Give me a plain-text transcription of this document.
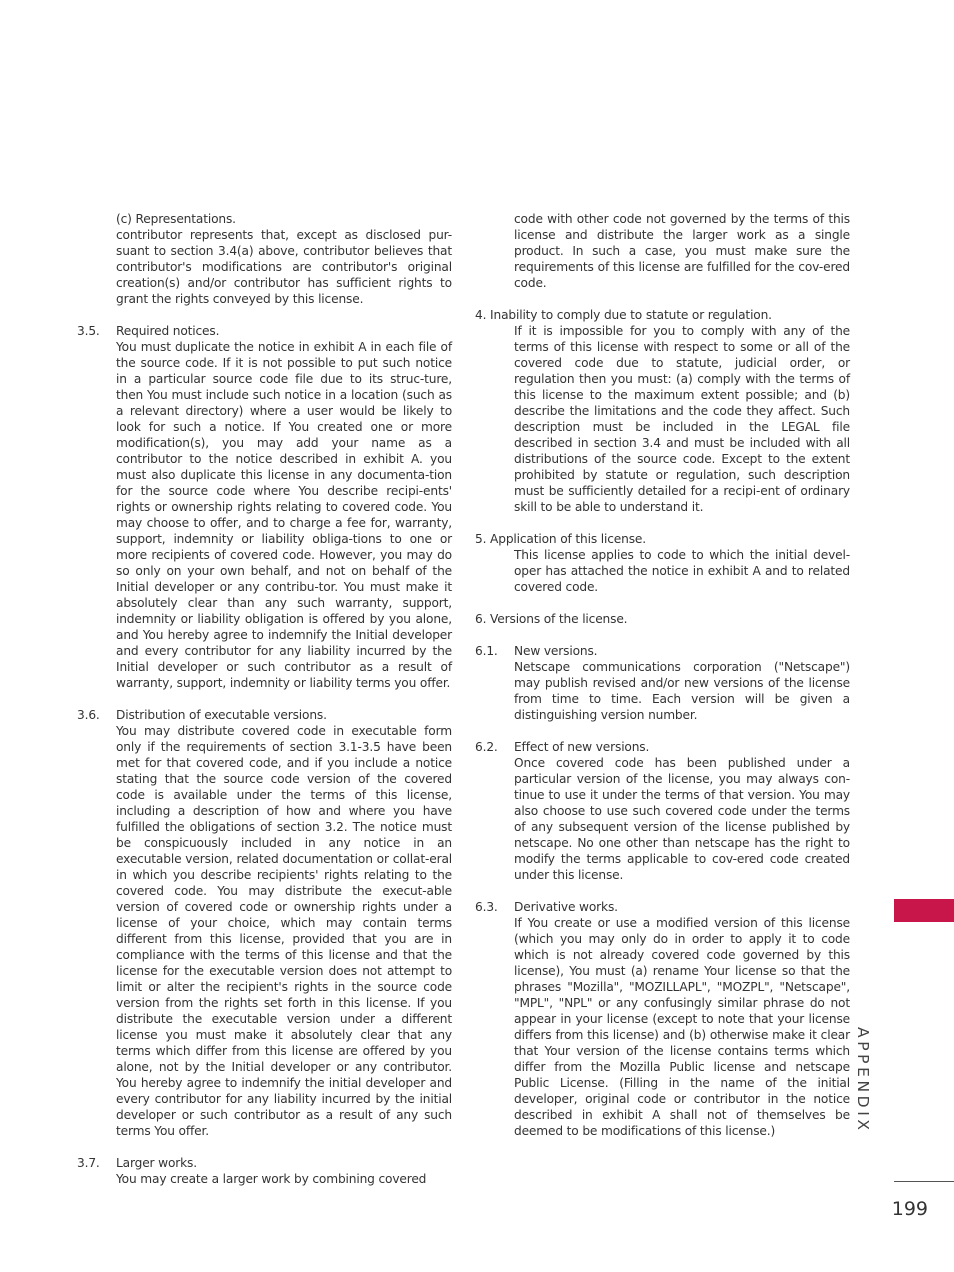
(c) Representations.
contributor represents that, except as disclosed pur-suant to section 3.4(a) above, contributor believes that contributor's modifications are contributor's original creation(s) and/or contributor has sufficient rights to grant the rights conveyed by this license.
3.5.	Required notices.
You must duplicate the notice in exhibit A in each file of the source code. If it is not possible to put such notice in a particular source code file due to its struc-ture, then You must include such notice in a location (such as a relevant directory) where a user would be likely to look for such a notice. If You created one or more modification(s), you may add your name as a contributor to the notice described in exhibit A. you must also duplicate this license in any documenta-tion for the source code where You describe recipi-ents' rights or ownership rights relating to covered code. You may choose to offer, and to charge a fee for, warranty, support, indemnity or liability obliga-tions to one or more recipients of covered code. However, you may do so only on your own behalf, and not on behalf of the Initial developer or any contribu-tor. You must make it absolutely clear than any such warranty, support, indemnity or liability obligation is offered by you alone, and You hereby agree to indemnify the Initial developer and every contributor for any liability incurred by the Initial developer or such contributor as a result of warranty, support, indemnity or liability terms you offer.
3.6.	Distribution of executable versions.
You may distribute covered code in executable form only if the requirements of section 3.1-3.5 have been met for that covered code, and if you include a notice stating that the source code version of the covered code is available under the terms of this license, including a description of how and where you have fulfilled the obligations of section 3.2. The notice must be conspicuously included in any notice in an executable version, related documentation or collat-eral in which you describe recipients' rights relating to the covered code. You may distribute the execut-able version of covered code or ownership rights under a license of your choice, which may contain terms different from this license, provided that you are in compliance with the terms of this license and that the license for the executable version does not attempt to limit or alter the recipient's rights in the source code version from the rights set forth in this license. If you distribute the executable version under a different license you must make it absolutely clear that any terms which differ from this license are offered by you alone, not by the Initial developer or any contributor. You hereby agree to indemnify the initial developer and every contributor for any liability incurred by the initial developer or such contributor as a result of any such terms You offer.
3.7.	Larger works.
You may create a larger work by combining covered
code with other code not governed by the terms of this license and distribute the larger work as a single product. In such a case, you must make sure the requirements of this license are fulfilled for the cov-ered code.
4. Inability to comply due to statute or regulation.
If it is impossible for you to comply with any of the terms of this license with respect to some or all of the covered code due to statute, judicial order, or regulation then you must: (a) comply with the terms of this license to the maximum extent possible; and (b) describe the limitations and the code they affect. Such description must be included in the LEGAL file described in section 3.4 and must be included with all distributions of the source code. Except to the extent prohibited by statute or regulation, such description must be sufficiently detailed for a recipi-ent of ordinary skill to be able to understand it.
5. Application of this license.
This license applies to code to which the initial devel-oper has attached the notice in exhibit A and to related covered code.
6. Versions of the license.
6.1.	New versions.
Netscape communications corporation ("Netscape") may publish revised and/or new versions of the license from time to time. Each version will be given a distinguishing version number.
6.2.	Effect of new versions.
Once covered code has been published under a particular version of the license, you may always con-tinue to use it under the terms of that version. You may also choose to use such covered code under the terms of any subsequent version of the license published by netscape. No one other than netscape has the right to modify the terms applicable to cov-ered code created under this license.
6.3.	Derivative works.
If You create or use a modified version of this license (which you may only do in order to apply it to code which is not already covered code governed by this license), You must (a) rename Your license so that the phrases "Mozilla", "MOZILLAPL", "MOZPL", "Netscape", "MPL", "NPL" or any confusingly similar phrase do not appear in your license (except to note that your license differs from this license) and (b) otherwise make it clear that Your version of the license contains terms which differ from the Mozilla Public license and netscape Public License. (Filling in the name of the initial developer, original code or contributor in the notice described in exhibit A shall not of themselves be deemed to be modifications of this license.)	APPENDIX
199
